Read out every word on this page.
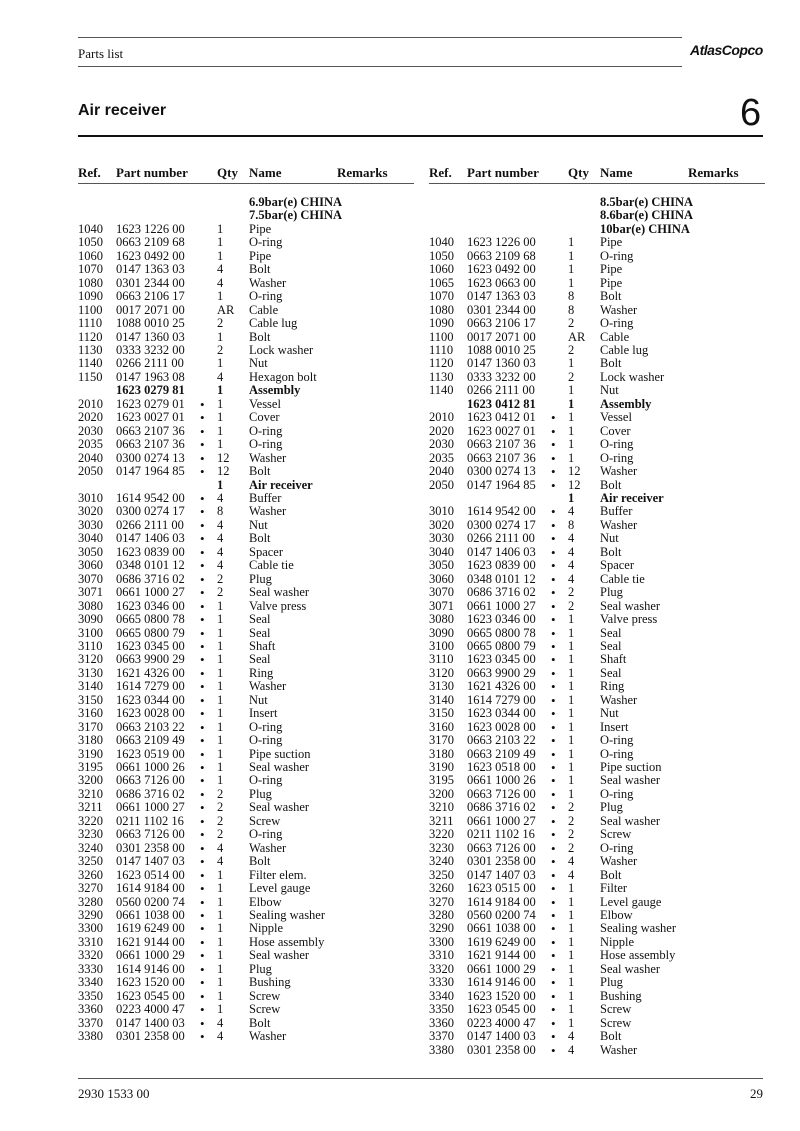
Parts list	AtlasCopco
Air receiver	6
Ref. Part number Qty Name	Remarks
6.9bar(e) CHINA
7.5bar(e) CHINA
1040 1623 1226 00	1 Pipe
1050 0663 2109 68	1 O-ring
1060 1623 0492 00	1 Pipe
1070 0147 1363 03	4 Bolt
1080 0301 2344 00	4 Washer
1090 0663 2106 17	1 O-ring
1100 0017 2071 00	AR Cable
1110 1088 0010 25	2 Cable lug
1120 0147 1360 03	1 Bolt
1130 0333 3232 00	2 Lock washer
1140 0266 2111 00	1 Nut
1150 0147 1963 08	4 Hexagon bolt
1623 0279 81	1 Assembly
2010 1623 0279 01 • 1 Vessel
2020 1623 0027 01 • 1 Cover
2030 0663 2107 36 • 1 O-ring
2035 0663 2107 36 • 1 O-ring
2040 0300 0274 13 • 12 Washer
2050 0147 1964 85 • 12 Bolt
1 Air receiver
3010 1614 9542 00 • 4 Buffer
3020 0300 0274 17 • 8 Washer
3030 0266 2111 00 • 4 Nut
3040 0147 1406 03 • 4 Bolt
3050 1623 0839 00 • 4 Spacer
3060 0348 0101 12 • 4 Cable tie
3070 0686 3716 02 • 2 Plug
3071 0661 1000 27 • 2 Seal washer
3080 1623 0346 00 • 1 Valve press
3090 0665 0800 78 • 1 Seal
3100 0665 0800 79 • 1 Seal
3110 1623 0345 00 • 1 Shaft
3120 0663 9900 29 • 1 Seal
3130 1621 4326 00 • 1 Ring
3140 1614 7279 00 • 1 Washer
3150 1623 0344 00 • 1 Nut
3160 1623 0028 00 • 1 Insert
3170 0663 2103 22 • 1 O-ring
3180 0663 2109 49 • 1 O-ring
3190 1623 0519 00 • 1 Pipe suction
3195 0661 1000 26 • 1 Seal washer
3200 0663 7126 00 • 1 O-ring
3210 0686 3716 02 • 2 Plug
3211 0661 1000 27 • 2 Seal washer
3220 0211 1102 16 • 2 Screw
3230 0663 7126 00 • 2 O-ring
3240 0301 2358 00 • 4 Washer
3250 0147 1407 03 • 4 Bolt
3260 1623 0514 00 • 1 Filter elem.
3270 1614 9184 00 • 1 Level gauge
3280 0560 0200 74 • 1 Elbow
3290 0661 1038 00 • 1 Sealing washer
3300 1619 6249 00 • 1 Nipple
3310 1621 9144 00 • 1 Hose assembly
3320 0661 1000 29 • 1 Seal washer
3330 1614 9146 00 • 1 Plug
3340 1623 1520 00 • 1 Bushing
3350 1623 0545 00 • 1 Screw
3360 0223 4000 47 • 1 Screw
3370 0147 1400 03 • 4 Bolt
3380 0301 2358 00 • 4 Washer
Ref. Part number Qty Name	Remarks
8.5bar(e) CHINA
8.6bar(e) CHINA
10bar(e) CHINA
1040 1623 1226 00	1 Pipe
1050 0663 2109 68	1 O-ring
1060 1623 0492 00	1 Pipe
1065 1623 0663 00	1 Pipe
1070 0147 1363 03	8 Bolt
1080 0301 2344 00	8 Washer
1090 0663 2106 17	2 O-ring
1100 0017 2071 00	AR Cable
1110 1088 0010 25	2 Cable lug
1120 0147 1360 03	1 Bolt
1130 0333 3232 00	2 Lock washer
1140 0266 2111 00	1 Nut
1623 0412 81	1 Assembly
2010 1623 0412 01 • 1 Vessel
2020 1623 0027 01 • 1 Cover
2030 0663 2107 36 • 1 O-ring
2035 0663 2107 36 • 1 O-ring
2040 0300 0274 13 • 12 Washer
2050 0147 1964 85 • 12 Bolt
1 Air receiver
3010 1614 9542 00 • 4 Buffer
3020 0300 0274 17 • 8 Washer
3030 0266 2111 00 • 4 Nut
3040 0147 1406 03 • 4 Bolt
3050 1623 0839 00 • 4 Spacer
3060 0348 0101 12 • 4 Cable tie
3070 0686 3716 02 • 2 Plug
3071 0661 1000 27 • 2 Seal washer
3080 1623 0346 00 • 1 Valve press
3090 0665 0800 78 • 1 Seal
3100 0665 0800 79 • 1 Seal
3110 1623 0345 00 • 1 Shaft
3120 0663 9900 29 • 1 Seal
3130 1621 4326 00 • 1 Ring
3140 1614 7279 00 • 1 Washer
3150 1623 0344 00 • 1 Nut
3160 1623 0028 00 • 1 Insert
3170 0663 2103 22 • 1 O-ring
3180 0663 2109 49 • 1 O-ring
3190 1623 0518 00 • 1 Pipe suction
3195 0661 1000 26 • 1 Seal washer
3200 0663 7126 00 • 1 O-ring
3210 0686 3716 02 • 2 Plug
3211 0661 1000 27 • 2 Seal washer
3220 0211 1102 16 • 2 Screw
3230 0663 7126 00 • 2 O-ring
3240 0301 2358 00 • 4 Washer
3250 0147 1407 03 • 4 Bolt
3260 1623 0515 00 • 1 Filter
3270 1614 9184 00 • 1 Level gauge
3280 0560 0200 74 • 1 Elbow
3290 0661 1038 00 • 1 Sealing washer
3300 1619 6249 00 • 1 Nipple
3310 1621 9144 00 • 1 Hose assembly
3320 0661 1000 29 • 1 Seal washer
3330 1614 9146 00 • 1 Plug
3340 1623 1520 00 • 1 Bushing
3350 1623 0545 00 • 1 Screw
3360 0223 4000 47 • 1 Screw
3370 0147 1400 03 • 4 Bolt
3380 0301 2358 00 • 4 Washer
2930 1533 00	29
